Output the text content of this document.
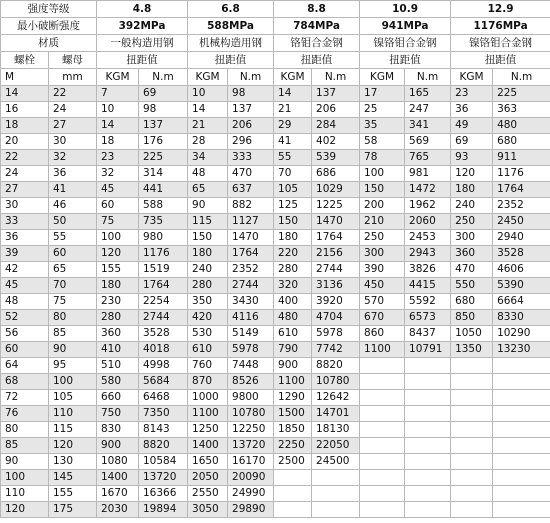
强度等级		4.8		6.8		8.8		10.9		12.9	
最小破断强度		392MPa		588MPa		784MPa		941MPa		1176MPa	
材质		一般构造用钢		机械构造用钢		铬钼合金钢		镍铬钼合金钢		镍铬钼合金钢	
螺栓	螺母	扭距值		扭距值		扭距值		扭距值		扭距值	
M	mm	KGM	N.m	KGM	N.m	KGM	N.m	KGM	N.m	KGM	N.m
14	22	7	69	10	98	14	137	17	165	23	225
16	24	10	98	14	137	21	206	25	247	36	363
18	27	14	137	21	206	29	284	35	341	49	480
20	30	18	176	28	296	41	402	58	569	69	680
22	32	23	225	34	333	55	539	78	765	93	911
24	36	32	314	48	470	70	686	100	981	120	1176
27	41	45	441	65	637	105	1029	150	1472	180	1764
30	46	60	588	90	882	125	1225	200	1962	240	2352
33	50	75	735	115	1127	150	1470	210	2060	250	2450
36	55	100	980	150	1470	180	1764	250	2453	300	2940
39	60	120	1176	180	1764	220	2156	300	2943	360	3528
42	65	155	1519	240	2352	280	2744	390	3826	470	4606
45	70	180	1764	280	2744	320	3136	450	4415	550	5390
48	75	230	2254	350	3430	400	3920	570	5592	680	6664
52	80	280	2744	420	4116	480	4704	670	6573	850	8330
56	85	360	3528	530	5149	610	5978	860	8437	1050	10290
60	90	410	4018	610	5978	790	7742	1100	10791	1350	13230
64	95	510	4998	760	7448	900	8820				
68	100	580	5684	870	8526	1100	10780				
72	105	660	6468	1000	9800	1290	12642				
76	110	750	7350	1100	10780	1500	14701				
80	115	830	8143	1250	12250	1850	18130				
85	120	900	8820	1400	13720	2250	22050				
90	130	1080	10584	1650	16170	2500	24500				
100	145	1400	13720	2050	20090						
110	155	1670	16366	2550	24990						
120	175	2030	19894	3050	29890						
